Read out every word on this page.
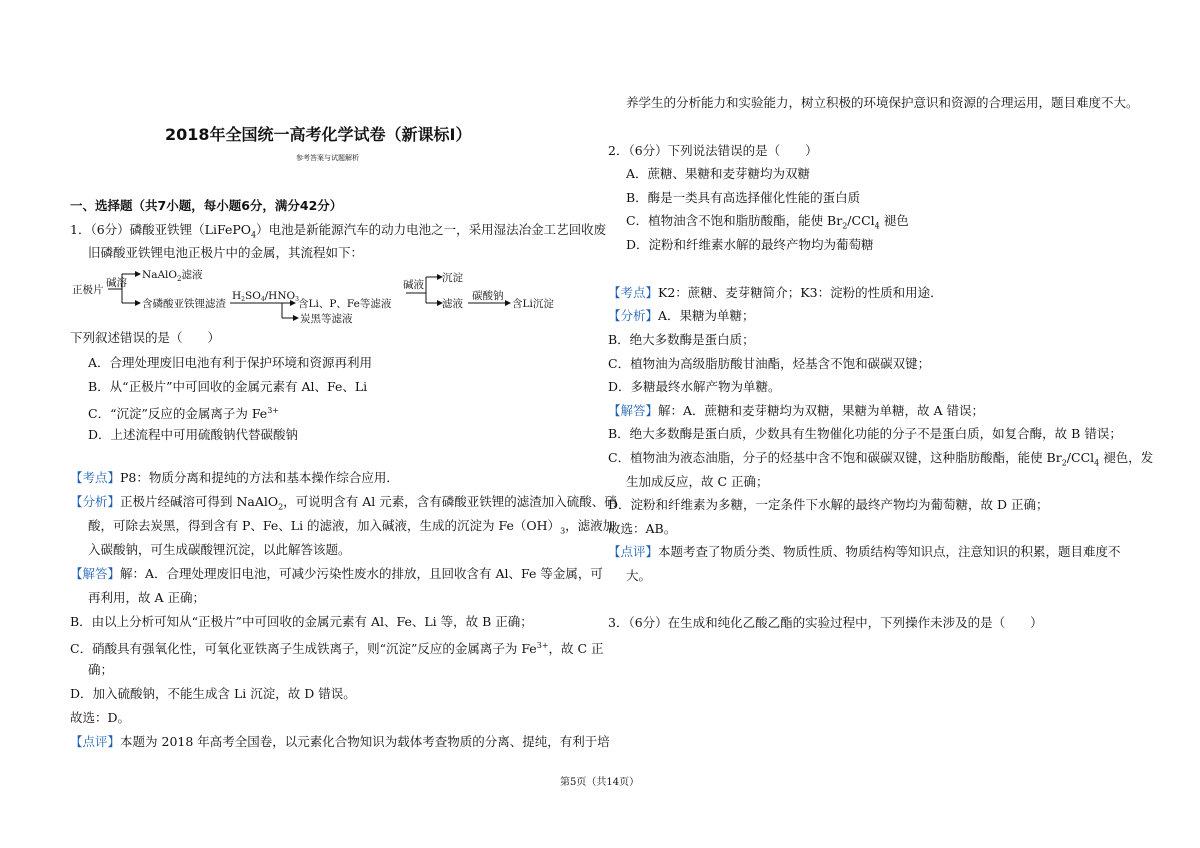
2018年全国统一高考化学试卷（新课标Ⅰ）
参考答案与试题解析
一、选择题（共7小题，每小题6分，满分42分）
1．（6分）磷酸亚铁锂（LiFePO$_4$）电池是新能源汽车的动力电池之一，采用湿法冶金工艺回收废
旧磷酸亚铁锂电池正极片中的金属，其流程如下：
正极片
碱溶
NaAlO$_2$滤液
含磷酸亚铁锂滤渣
H2SO4/HNO3 含Li、P、Fe等滤液
炭黑等滤液
碱液
沉淀
滤液
碳酸钠
含Li沉淀
下列叙述错误的是（　　）
A．合理处理废旧电池有利于保护环境和资源再利用
B．从“正极片”中可回收的金属元素有 Al、Fe、Li
C．“沉淀”反应的金属离子为 $Fe^{3+}$
D．上述流程中可用硫酸钠代替碳酸钠
【考点】P8：物质分离和提纯的方法和基本操作综合应用．
【分析】正极片经碱溶可得到 NaAlO$_2$，可说明含有 Al 元素，含有磷酸亚铁锂的滤渣加入硫酸、硝
酸，可除去炭黑，得到含有 P、Fe、Li 的滤液，加入碱液，生成的沉淀为 $Fe(OH)_3$，滤液加
入碳酸钠，可生成碳酸锂沉淀，以此解答该题。
【解答】解：A．合理处理废旧电池，可减少污染性废水的排放，且回收含有 Al、Fe 等金属，可
再利用，故 A 正确；
B．由以上分析可知从“正极片”中可回收的金属元素有 Al、Fe、Li 等，故 B 正确；
C．硝酸具有强氧化性，可氧化亚铁离子生成铁离子，则“沉淀”反应的金属离子为 $Fe^{3+}$，故 C 正
确；
D．加入硫酸钠，不能生成含 Li 沉淀，故 D 错误。
故选：D。
【点评】本题为 2018 年高考全国卷，以元素化合物知识为载体考查物质的分离、提纯，有利于培
养学生的分析能力和实验能力，树立积极的环境保护意识和资源的合理运用，题目难度不大。
2．（6分）下列说法错误的是（　　）
A．蔗糖、果糖和麦芽糖均为双糖
B．酶是一类具有高选择催化性能的蛋白质
C．植物油含不饱和脂肪酸酯，能使 $Br_2/CCl_4$ 褪色
D．淀粉和纤维素水解的最终产物均为葡萄糖
【考点】K2：蔗糖、麦芽糖简介；K3：淀粉的性质和用途．
【分析】A．果糖为单糖；
B．绝大多数酶是蛋白质；
C．植物油为高级脂肪酸甘油酯，烃基含不饱和碳碳双键；
D．多糖最终水解产物为单糖。
【解答】解：A．蔗糖和麦芽糖均为双糖，果糖为单糖，故 A 错误；
B．绝大多数酶是蛋白质，少数具有生物催化功能的分子不是蛋白质，如复合酶，故 B 错误；
C．植物油为液态油脂，分子的烃基中含不饱和碳碳双键，这种脂肪酸酯，能使 $Br_2/CCl_4$ 褪色，发
生加成反应，故 C 正确；
D．淀粉和纤维素为多糖，一定条件下水解的最终产物均为葡萄糖，故 D 正确；
故选：AB。
【点评】本题考查了物质分类、物质性质、物质结构等知识点，注意知识的积累，题目难度不
大。
3．（6分）在生成和纯化乙酸乙酯的实验过程中，下列操作未涉及的是（　　）
第5页（共14页）
